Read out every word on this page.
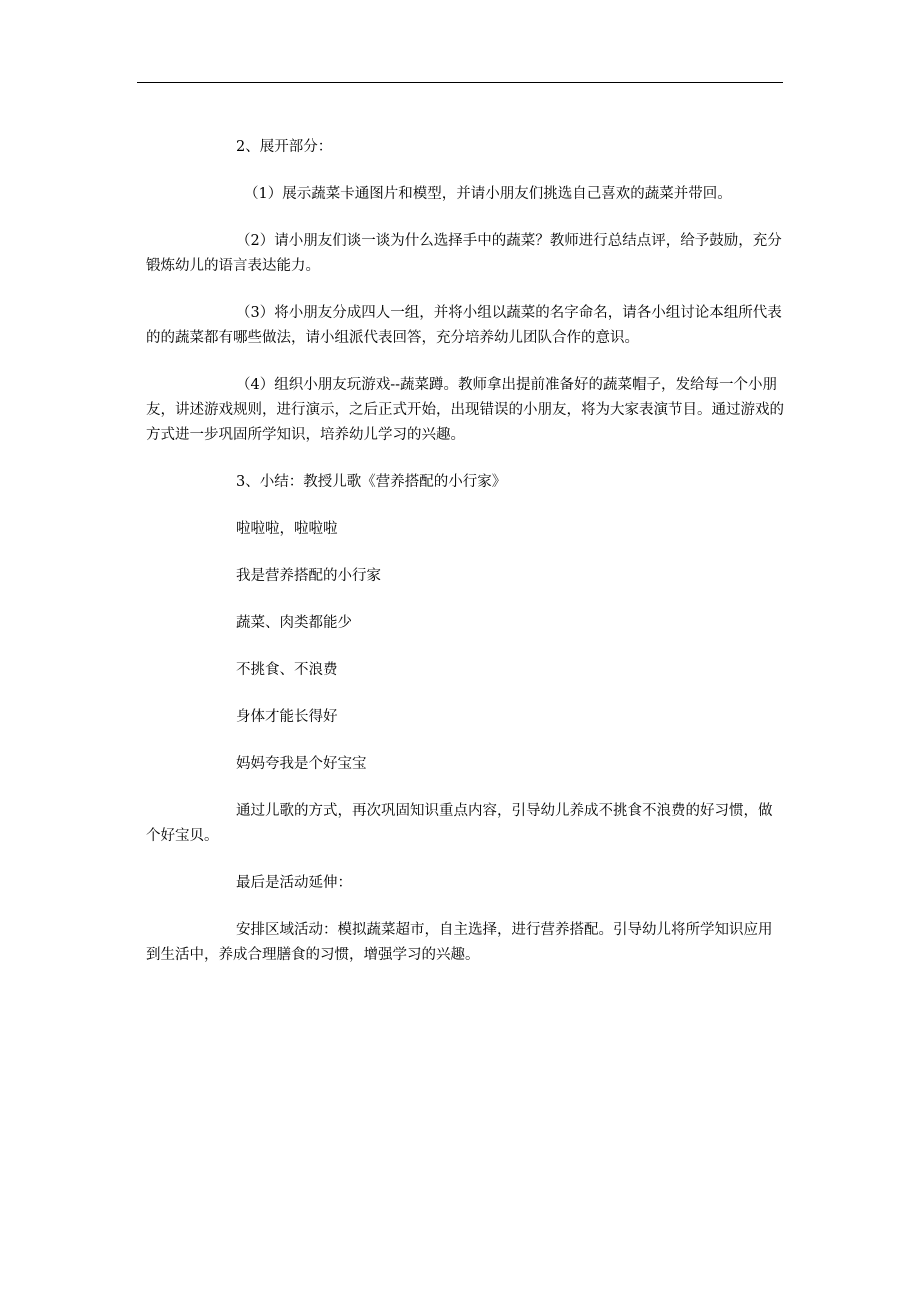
2、展开部分：

（1）展示蔬菜卡通图片和模型，并请小朋友们挑选自己喜欢的蔬菜并带回。

（2）请小朋友们谈一谈为什么选择手中的蔬菜？教师进行总结点评，给予鼓励，充分锻炼幼儿的语言表达能力。

（3）将小朋友分成四人一组，并将小组以蔬菜的名字命名，请各小组讨论本组所代表的的蔬菜都有哪些做法，请小组派代表回答，充分培养幼儿团队合作的意识。

（4）组织小朋友玩游戏--蔬菜蹲。教师拿出提前准备好的蔬菜帽子，发给每一个小朋友，讲述游戏规则，进行演示，之后正式开始，出现错误的小朋友，将为大家表演节目。通过游戏的方式进一步巩固所学知识，培养幼儿学习的兴趣。

3、小结：教授儿歌《营养搭配的小行家》

啦啦啦，啦啦啦

我是营养搭配的小行家

蔬菜、肉类都能少

不挑食、不浪费

身体才能长得好

妈妈夸我是个好宝宝

通过儿歌的方式，再次巩固知识重点内容，引导幼儿养成不挑食不浪费的好习惯，做个好宝贝。

最后是活动延伸：

安排区域活动：模拟蔬菜超市，自主选择，进行营养搭配。引导幼儿将所学知识应用到生活中，养成合理膳食的习惯，增强学习的兴趣。
